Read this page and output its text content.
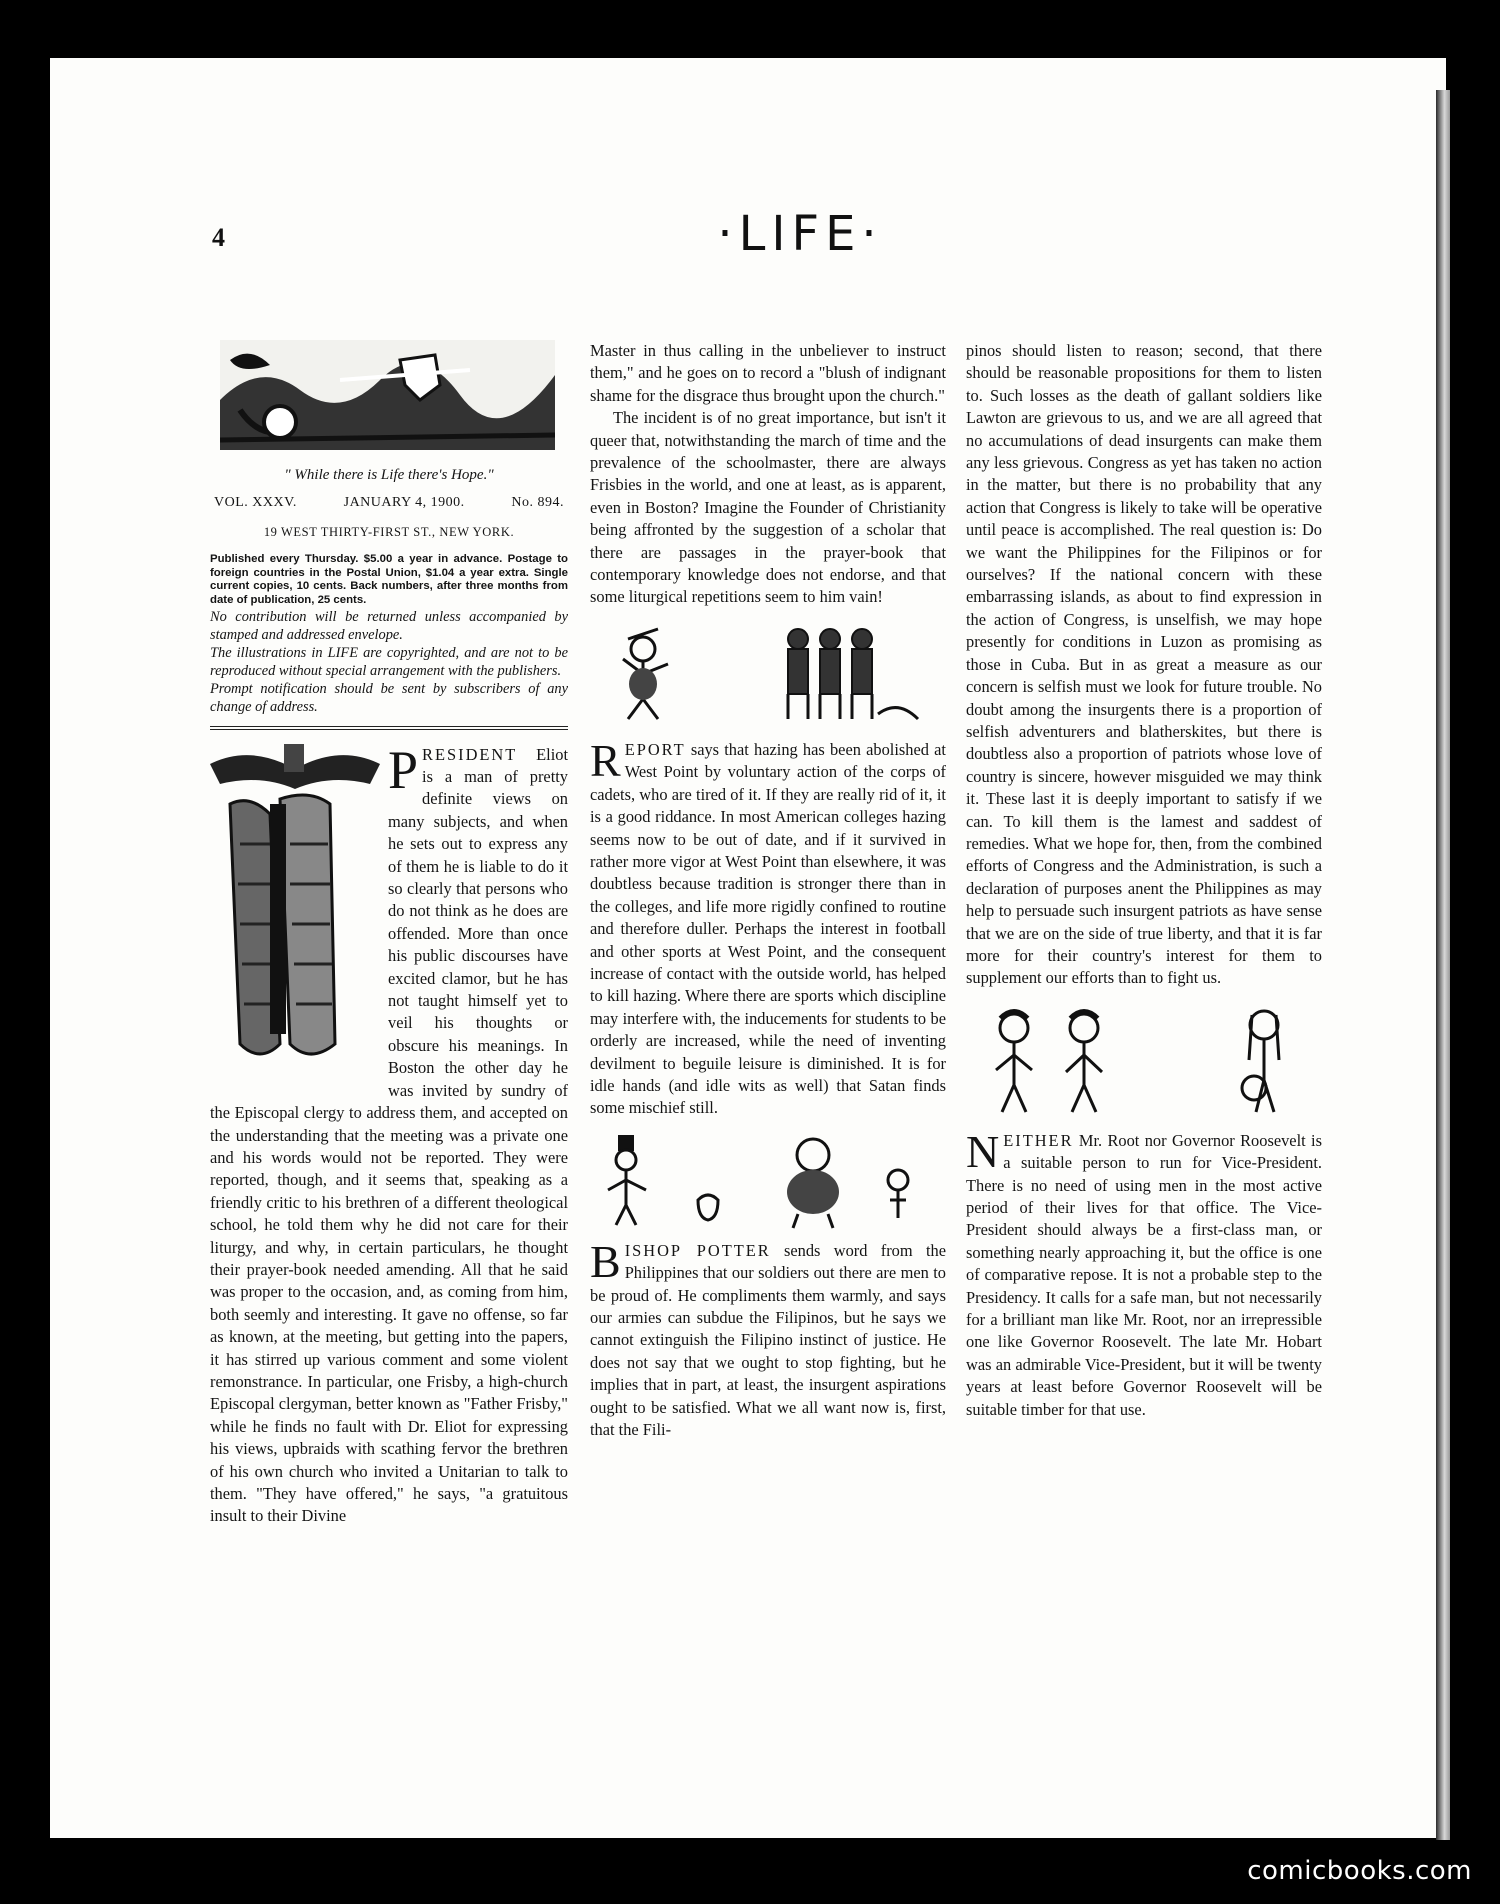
4	·LIFE·
" While there is Life there's Hope."
VOL. XXXV.	JANUARY 4, 1900.	No. 894.
19 WEST THIRTY-FIRST ST., NEW YORK.

Published every Thursday. $5.00 a year in advance. Postage to foreign countries in the Postal Union, $1.04 a year extra. Single current copies, 10 cents. Back numbers, after three months from date of publication, 25 cents.

No contribution will be returned unless accompanied by stamped and addressed envelope.

The illustrations in LIFE are copyrighted, and are not to be reproduced without special arrangement with the publishers.

Prompt notification should be sent by subscribers of any change of address.

PRESIDENT Eliot is a man of pretty definite views on many subjects, and when he sets out to express any of them he is liable to do it so clearly that persons who do not think as he does are offended. More than once his public discourses have excited clamor, but he has not taught himself yet to veil his thoughts or obscure his meanings. In Boston the other day he was invited by sundry of the Episcopal clergy to address them, and accepted on the understanding that the meeting was a private one and his words would not be reported. They were reported, though, and it seems that, speaking as a friendly critic to his brethren of a different theological school, he told them why he did not care for their liturgy, and why, in certain particulars, he thought their prayer-book needed amending. All that he said was proper to the occasion, and, as coming from him, both seemly and interesting. It gave no offense, so far as known, at the meeting, but getting into the papers, it has stirred up various comment and some violent remonstrance. In particular, one Frisby, a high-church Episcopal clergyman, better known as "Father Frisby," while he finds no fault with Dr. Eliot for expressing his views, upbraids with scathing fervor the brethren of his own church who invited a Unitarian to talk to them. "They have offered," he says, "a gratuitous insult to their Divine

Master in thus calling in the unbeliever to instruct them," and he goes on to record a "blush of indignant shame for the disgrace thus brought upon the church."

The incident is of no great importance, but isn't it queer that, notwithstanding the march of time and the prevalence of the schoolmaster, there are always Frisbies in the world, and one at least, as is apparent, even in Boston? Imagine the Founder of Christianity being affronted by the suggestion of a scholar that there are passages in the prayer-book that contemporary knowledge does not endorse, and that some liturgical repetitions seem to him vain!

REPORT says that hazing has been abolished at West Point by voluntary action of the corps of cadets, who are tired of it. If they are really rid of it, it is a good riddance. In most American colleges hazing seems now to be out of date, and if it survived in rather more vigor at West Point than elsewhere, it was doubtless because tradition is stronger there than in the colleges, and life more rigidly confined to routine and therefore duller. Perhaps the interest in football and other sports at West Point, and the consequent increase of contact with the outside world, has helped to kill hazing. Where there are sports which discipline may interfere with, the inducements for students to be orderly are increased, while the need of inventing devilment to beguile leisure is diminished. It is for idle hands (and idle wits as well) that Satan finds some mischief still.

BISHOP POTTER sends word from the Philippines that our soldiers out there are men to be proud of. He compliments them warmly, and says our armies can subdue the Filipinos, but he says we cannot extinguish the Filipino instinct of justice. He does not say that we ought to stop fighting, but he implies that in part, at least, the insurgent aspirations ought to be satisfied. What we all want now is, first, that the Fili-

pinos should listen to reason; second, that there should be reasonable propositions for them to listen to. Such losses as the death of gallant soldiers like Lawton are grievous to us, and we are all agreed that no accumulations of dead insurgents can make them any less grievous. Congress as yet has taken no action in the matter, but there is no probability that any action that Congress is likely to take will be operative until peace is accomplished. The real question is: Do we want the Philippines for the Filipinos or for ourselves? If the national concern with these embarrassing islands, as about to find expression in the action of Congress, is unselfish, we may hope presently for conditions in Luzon as promising as those in Cuba. But in as great a measure as our concern is selfish must we look for future trouble. No doubt among the insurgents there is a proportion of selfish adventurers and blatherskites, but there is doubtless also a proportion of patriots whose love of country is sincere, however misguided we may think it. These last it is deeply important to satisfy if we can. To kill them is the lamest and saddest of remedies. What we hope for, then, from the combined efforts of Congress and the Administration, is such a declaration of purposes anent the Philippines as may help to persuade such insurgent patriots as have sense that we are on the side of true liberty, and that it is far more for their country's interest for them to supplement our efforts than to fight us.

NEITHER Mr. Root nor Governor Roosevelt is a suitable person to run for Vice-President. There is no need of using men in the most active period of their lives for that office. The Vice-President should always be a first-class man, or something nearly approaching it, but the office is one of comparative repose. It is not a probable step to the Presidency. It calls for a safe man, but not necessarily for a brilliant man like Mr. Root, nor an irrepressible one like Governor Roosevelt. The late Mr. Hobart was an admirable Vice-President, but it will be twenty years at least before Governor Roosevelt will be suitable timber for that use.

comicbooks.com
